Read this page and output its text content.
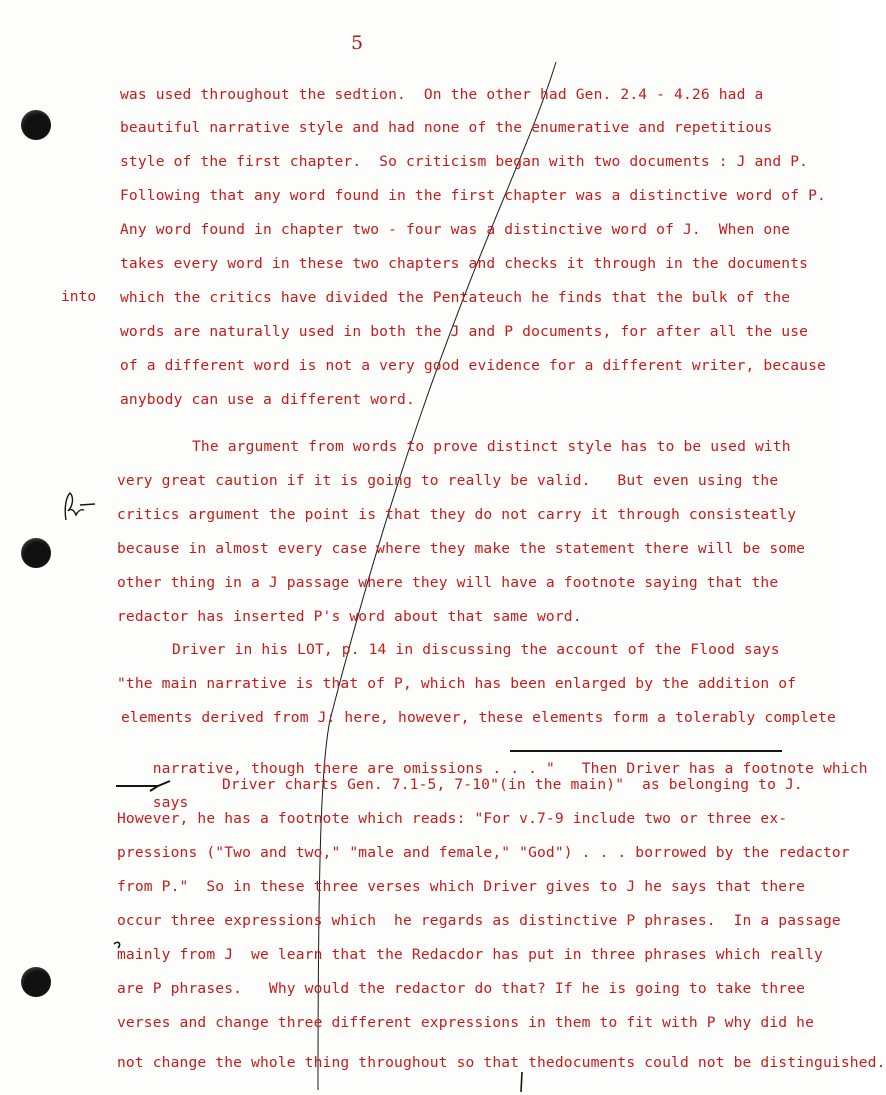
5
into
was used throughout the sedtion.  On the other had Gen. 2.4 - 4.26 had a
beautiful narrative style and had none of the enumerative and repetitious
style of the first chapter.  So criticism began with two documents : J and P.
Following that any word found in the first chapter was a distinctive word of P.
Any word found in chapter two - four was a distinctive word of J.  When one
takes every word in these two chapters and checks it through in the documents
which the critics have divided the Pentateuch he finds that the bulk of the
words are naturally used in both the J and P documents, for after all the use
of a different word is not a very good evidence for a different writer, because
anybody can use a different word.
The argument from words to prove distinct style has to be used with
very great caution if it is going to really be valid.   But even using the
critics argument the point is that they do not carry it through consisteatly
because in almost every case where they make the statement there will be some
other thing in a J passage where they will have a footnote saying that the
redactor has inserted P's word about that same word.
Driver in his LOT, p. 14 in discussing the account of the Flood says
"the main narrative is that of P, which has been enlarged by the addition of
elements derived from J: here, however, these elements form a tolerably complete

narrative, though there are omissions . . . " Then Driver has a footnote which

says

Driver charts Gen. 7.1-5, 7-10"(in the main)"  as belonging to J.
However, he has a footnote which reads: "For v.7-9 include two or three ex-
pressions ("Two and two," "male and female," "God") . . . borrowed by the redactor
from P."  So in these three verses which Driver gives to J he says that there
occur three expressions which  he regards as distinctive P phrases.  In a passage
mainly from J  we learn that the Redacdor has put in three phrases which really
are P phrases.   Why would the redactor do that? If he is going to take three
verses and change three different expressions in them to fit with P why did he
not change the whole thing throughout so that thedocuments could not be distinguished.
